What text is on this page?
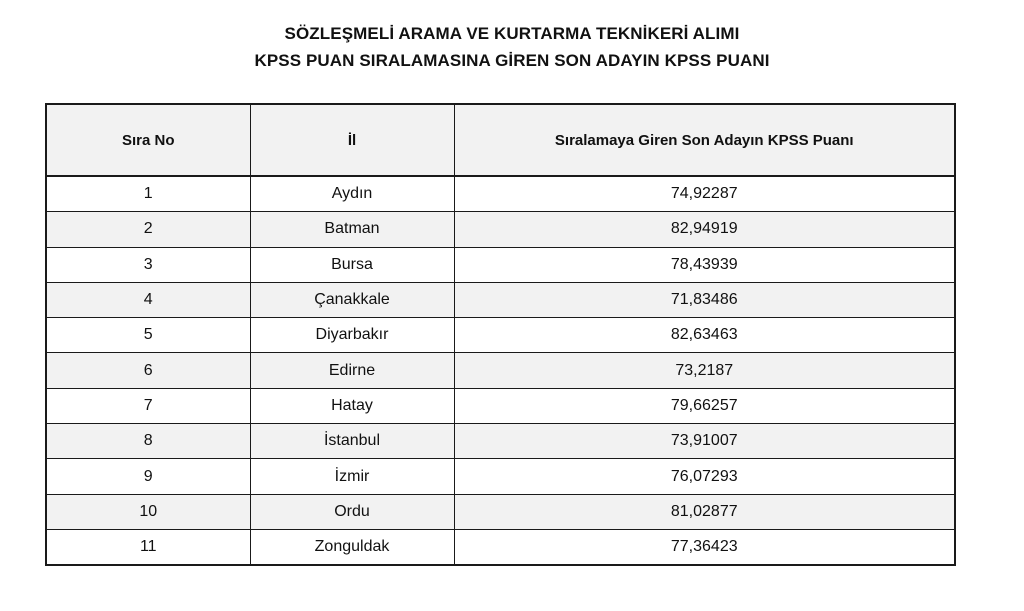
SÖZLEŞMELİ ARAMA VE KURTARMA TEKNİKERİ ALIMI
KPSS PUAN SIRALAMASINA GİREN SON ADAYIN KPSS PUANI
Sıra No	İl	Sıralamaya Giren Son Adayın KPSS Puanı
1	Aydın	74,92287
2	Batman	82,94919
3	Bursa	78,43939
4	Çanakkale	71,83486
5	Diyarbakır	82,63463
6	Edirne	73,2187
7	Hatay	79,66257
8	İstanbul	73,91007
9	İzmir	76,07293
10	Ordu	81,02877
11	Zonguldak	77,36423
